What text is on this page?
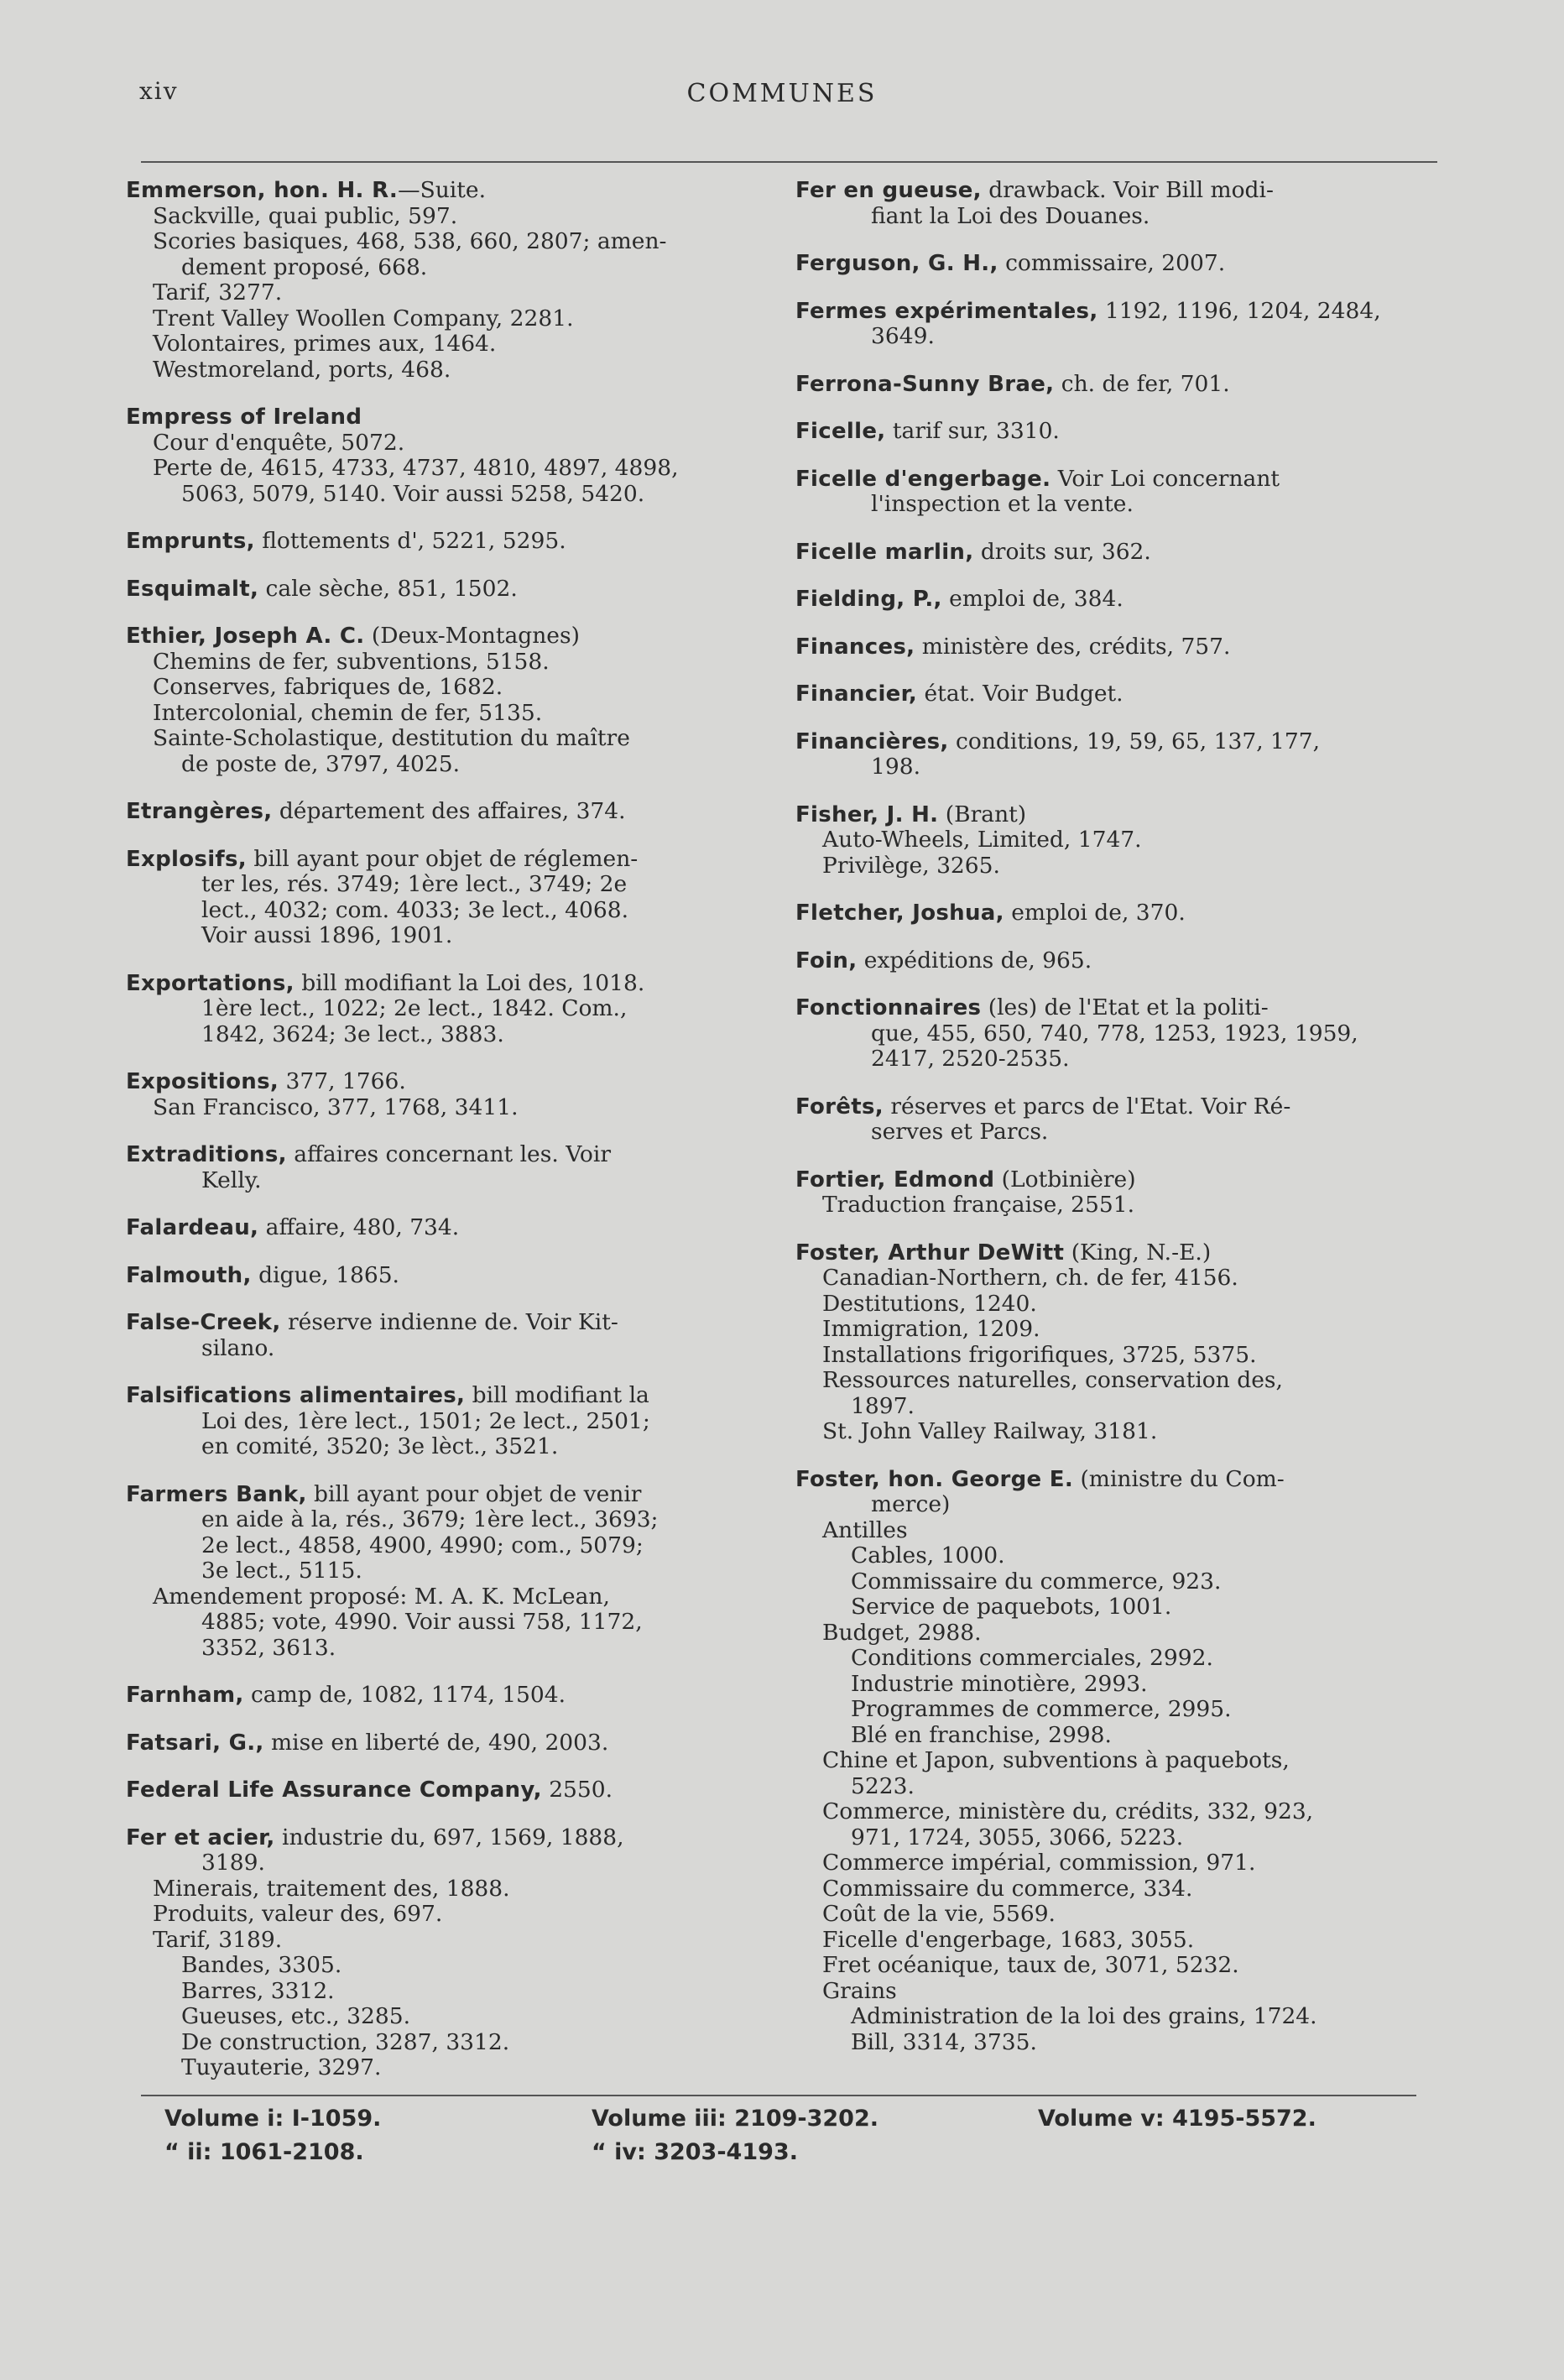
xiv	COMMUNES
Emmerson, hon. H. R.—Suite.
Sackville, quai public, 597.
Scories basiques, 468, 538, 660, 2807; amen-
dement proposé, 668.
Tarif, 3277.
Trent Valley Woollen Company, 2281.
Volontaires, primes aux, 1464.
Westmoreland, ports, 468.
Empress of Ireland
Cour d'enquête, 5072.
Perte de, 4615, 4733, 4737, 4810, 4897, 4898,
5063, 5079, 5140. Voir aussi 5258, 5420.
Emprunts, flottements d', 5221, 5295.
Esquimalt, cale sèche, 851, 1502.
Ethier, Joseph A. C. (Deux-Montagnes)
Chemins de fer, subventions, 5158.
Conserves, fabriques de, 1682.
Intercolonial, chemin de fer, 5135.
Sainte-Scholastique, destitution du maître
de poste de, 3797, 4025.
Etrangères, département des affaires, 374.
Explosifs, bill ayant pour objet de réglemen-
ter les, rés. 3749; 1ère lect., 3749; 2e
lect., 4032; com. 4033; 3e lect., 4068.
Voir aussi 1896, 1901.
Exportations, bill modifiant la Loi des, 1018.
1ère lect., 1022; 2e lect., 1842. Com.,
1842, 3624; 3e lect., 3883.
Expositions, 377, 1766.
San Francisco, 377, 1768, 3411.
Extraditions, affaires concernant les. Voir
Kelly.
Falardeau, affaire, 480, 734.
Falmouth, digue, 1865.
False-Creek, réserve indienne de. Voir Kit-
silano.
Falsifications alimentaires, bill modifiant la
Loi des, 1ère lect., 1501; 2e lect., 2501;
en comité, 3520; 3e lèct., 3521.
Farmers Bank, bill ayant pour objet de venir
en aide à la, rés., 3679; 1ère lect., 3693;
2e lect., 4858, 4900, 4990; com., 5079;
3e lect., 5115.
Amendement proposé: M. A. K. McLean,
4885; vote, 4990. Voir aussi 758, 1172,
3352, 3613.
Farnham, camp de, 1082, 1174, 1504.
Fatsari, G., mise en liberté de, 490, 2003.
Federal Life Assurance Company, 2550.
Fer et acier, industrie du, 697, 1569, 1888,
3189.
Minerais, traitement des, 1888.
Produits, valeur des, 697.
Tarif, 3189.
Bandes, 3305.
Barres, 3312.
Gueuses, etc., 3285.
De construction, 3287, 3312.
Tuyauterie, 3297.
Fer en gueuse, drawback. Voir Bill modi-
fiant la Loi des Douanes.
Ferguson, G. H., commissaire, 2007.
Fermes expérimentales, 1192, 1196, 1204, 2484,
3649.
Ferrona-Sunny Brae, ch. de fer, 701.
Ficelle, tarif sur, 3310.
Ficelle d'engerbage. Voir Loi concernant
l'inspection et la vente.
Ficelle marlin, droits sur, 362.
Fielding, P., emploi de, 384.
Finances, ministère des, crédits, 757.
Financier, état. Voir Budget.
Financières, conditions, 19, 59, 65, 137, 177,
198.
Fisher, J. H. (Brant)
Auto-Wheels, Limited, 1747.
Privilège, 3265.
Fletcher, Joshua, emploi de, 370.
Foin, expéditions de, 965.
Fonctionnaires (les) de l'Etat et la politi-
que, 455, 650, 740, 778, 1253, 1923, 1959,
2417, 2520-2535.
Forêts, réserves et parcs de l'Etat. Voir Ré-
serves et Parcs.
Fortier, Edmond (Lotbinière)
Traduction française, 2551.
Foster, Arthur DeWitt (King, N.-E.)
Canadian-Northern, ch. de fer, 4156.
Destitutions, 1240.
Immigration, 1209.
Installations frigorifiques, 3725, 5375.
Ressources naturelles, conservation des,
1897.
St. John Valley Railway, 3181.
Foster, hon. George E. (ministre du Com-
merce)
Antilles
Cables, 1000.
Commissaire du commerce, 923.
Service de paquebots, 1001.
Budget, 2988.
Conditions commerciales, 2992.
Industrie minotière, 2993.
Programmes de commerce, 2995.
Blé en franchise, 2998.
Chine et Japon, subventions à paquebots,
5223.
Commerce, ministère du, crédits, 332, 923,
971, 1724, 3055, 3066, 5223.
Commerce impérial, commission, 971.
Commissaire du commerce, 334.
Coût de la vie, 5569.
Ficelle d'engerbage, 1683, 3055.
Fret océanique, taux de, 3071, 5232.
Grains
Administration de la loi des grains, 1724.
Bill, 3314, 3735.
Volume i: I-1059.
“ ii: 1061-2108.
Volume iii: 2109-3202.
“ iv: 3203-4193.
Volume v: 4195-5572.
